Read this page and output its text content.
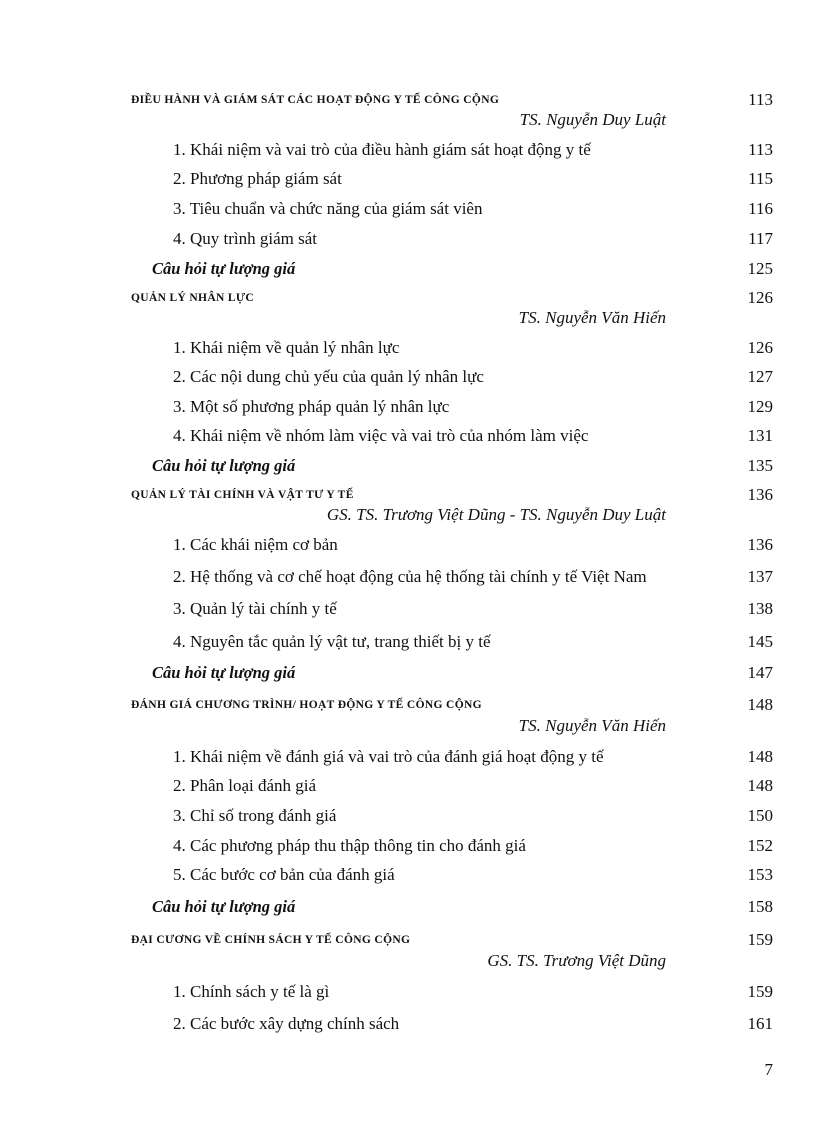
ĐIỀU HÀNH VÀ GIÁM SÁT CÁC HOẠT ĐỘNG Y TẾ CÔNG CỘNG	113
TS. Nguyễn Duy Luật
1. Khái niệm và vai trò của điều hành giám sát hoạt động y tế	113
2. Phương pháp giám sát	115
3. Tiêu chuẩn và chức năng của giám sát viên	116
4. Quy trình giám sát	117
Câu hỏi tự lượng giá	125
QUẢN LÝ NHÂN LỰC	126
TS. Nguyễn Văn Hiến
1. Khái niệm về quản lý nhân lực	126
2. Các nội dung chủ yếu của quản lý nhân lực	127
3. Một số phương pháp quản lý nhân lực	129
4. Khái niệm về nhóm làm việc và vai trò của nhóm làm việc	131
Câu hỏi tự lượng giá	135
QUẢN LÝ TÀI CHÍNH VÀ VẬT TƯ Y TẾ	136
GS. TS. Trương Việt Dũng - TS. Nguyễn Duy Luật
1. Các khái niệm cơ bản	136
2. Hệ thống và cơ chế hoạt động của hệ thống tài chính y tế Việt Nam	137
3. Quản lý tài chính y tế	138
4. Nguyên tắc quản lý vật tư, trang thiết bị y tế	145
Câu hỏi tự lượng giá	147
ĐÁNH GIÁ CHƯƠNG TRÌNH/ HOẠT ĐỘNG Y TẾ CÔNG CỘNG	148
TS. Nguyễn Văn Hiến
1. Khái niệm về đánh giá và vai trò của đánh giá hoạt động y tế	148
2. Phân loại đánh giá	148
3. Chỉ số trong đánh giá	150
4. Các phương pháp thu thập thông tin cho đánh giá	152
5. Các bước cơ bản của đánh giá	153
Câu hỏi tự lượng giá	158
ĐẠI CƯƠNG VỀ CHÍNH SÁCH Y TẾ CÔNG CỘNG	159
GS. TS. Trương Việt Dũng
1. Chính sách y tế là gì	159
2. Các bước xây dựng chính sách	161
7
